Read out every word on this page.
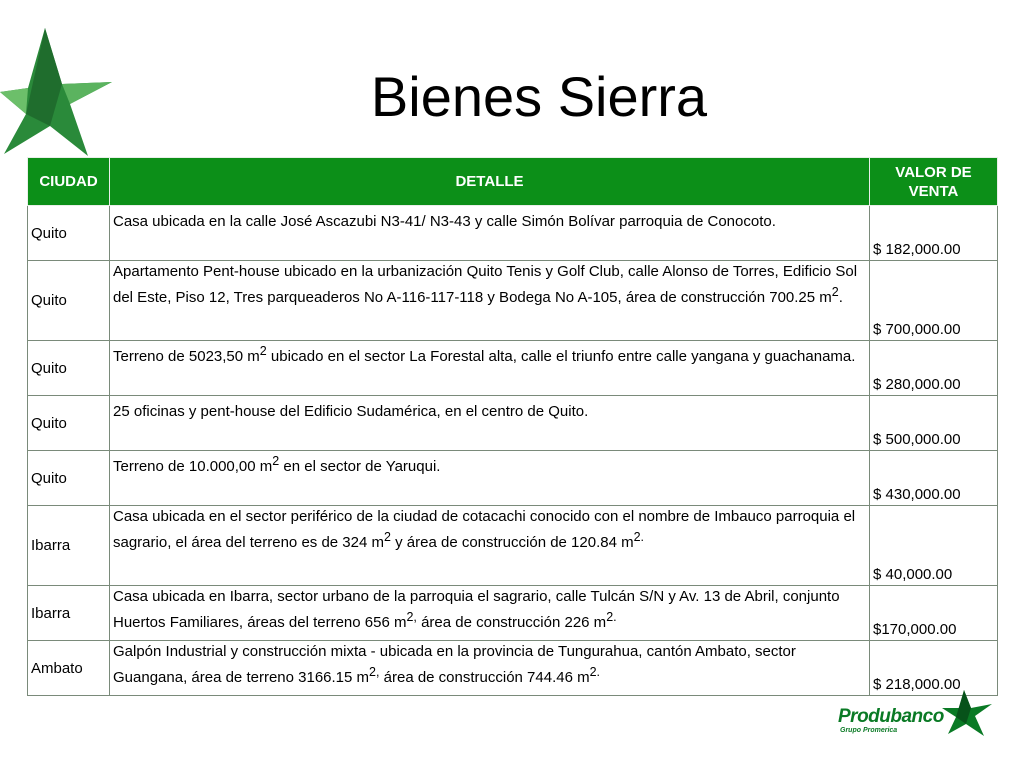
Bienes Sierra
CIUDAD	DETALLE	VALOR DE VENTA
Quito	Casa ubicada en la calle José Ascazubi N3-41/ N3-43 y calle Simón Bolívar parroquia de Conocoto.	$ 182,000.00
Quito	Apartamento Pent-house ubicado en la urbanización Quito Tenis y Golf Club, calle Alonso de Torres, Edificio Sol del Este, Piso 12, Tres parqueaderos No A-116-117-118 y Bodega No A-105, área de construcción 700.25 $m^2$.	$ 700,000.00
Quito	Terreno de 5023,50 $m^2$ ubicado en el sector La Forestal alta, calle el triunfo entre calle yangana y guachanama.	$ 280,000.00
Quito	25 oficinas y pent-house del Edificio Sudamérica, en el centro de Quito.	$ 500,000.00
Quito	Terreno de 10.000,00 $m^2$ en el sector de Yaruqui.	$ 430,000.00
Ibarra	Casa ubicada en el sector periférico de la ciudad de cotacachi conocido con el nombre de Imbauco parroquia el sagrario, el área del terreno es de 324 $m^2$ y área de construcción de 120.84 $m^{2.}$	$ 40,000.00
Ibarra	Casa ubicada en Ibarra, sector urbano de la parroquia el sagrario, calle Tulcán S/N y Av. 13 de Abril, conjunto Huertos Familiares, áreas del terreno 656 $m^{2,}$ área de construcción 226 $m^{2.}$	$170,000.00
Ambato	Galpón Industrial y construcción mixta - ubicada en la provincia de Tungurahua, cantón Ambato, sector Guangana, área de terreno 3166.15 $m^{2,}$ área de construcción 744.46 $m^{2.}$	$ 218,000.00
Produbanco
Grupo Promerica
